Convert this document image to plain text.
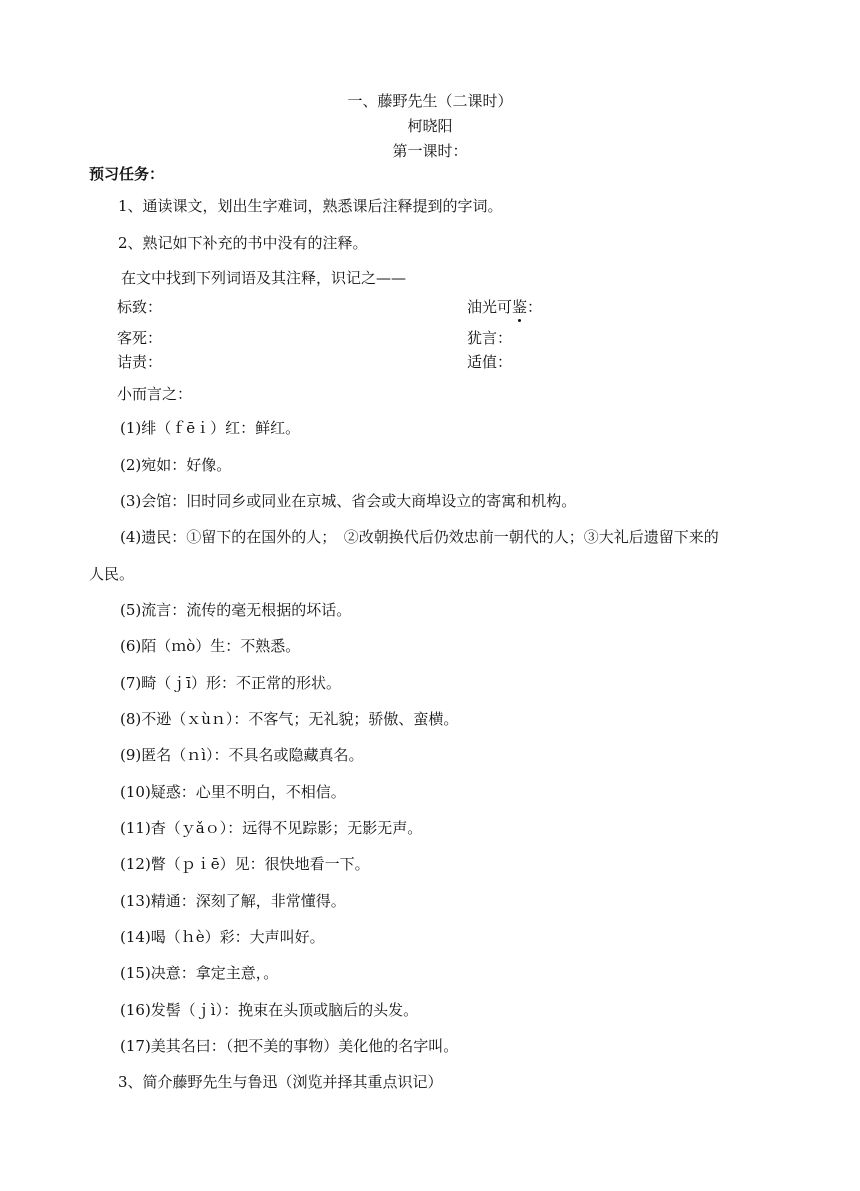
一、藤野先生（二课时）
柯晓阳
第一课时：
预习任务：
1、通读课文，划出生字难词，熟悉课后注释提到的字词。
2、熟记如下补充的书中没有的注释。
在文中找到下列词语及其注释，识记之——
标致：	油光可鉴：
客死：	犹言：
诘责：	适值：
小而言之：
(1)绯（ｆēｉ）红：鲜红。
(2)宛如：好像。
(3)会馆：旧时同乡或同业在京城、省会或大商埠设立的寄寓和机构。
(4)遗民：①留下的在国外的人；　②改朝换代后仍效忠前一朝代的人；③大礼后遗留下来的
人民。
(5)流言：流传的毫无根据的坏话。
(6)陌（ｍò）生：不熟悉。
(7)畸（ｊī）形：不正常的形状。
(8)不逊（ｘùｎ）：不客气；无礼貌；骄傲、蛮横。
(9)匿名（ｎì）：不具名或隐藏真名。
(10)疑惑：心里不明白，不相信。
(11)杳（ｙǎｏ）：远得不见踪影；无影无声。
(12)瞥（ｐｉē）见：很快地看一下。
(13)精通：深刻了解，非常懂得。
(14)喝（ｈè）彩：大声叫好。
(15)决意：拿定主意，。
(16)发髻（ｊì）：挽束在头顶或脑后的头发。
(17)美其名曰：（把不美的事物）美化他的名字叫。
3、简介藤野先生与鲁迅（浏览并择其重点识记）
